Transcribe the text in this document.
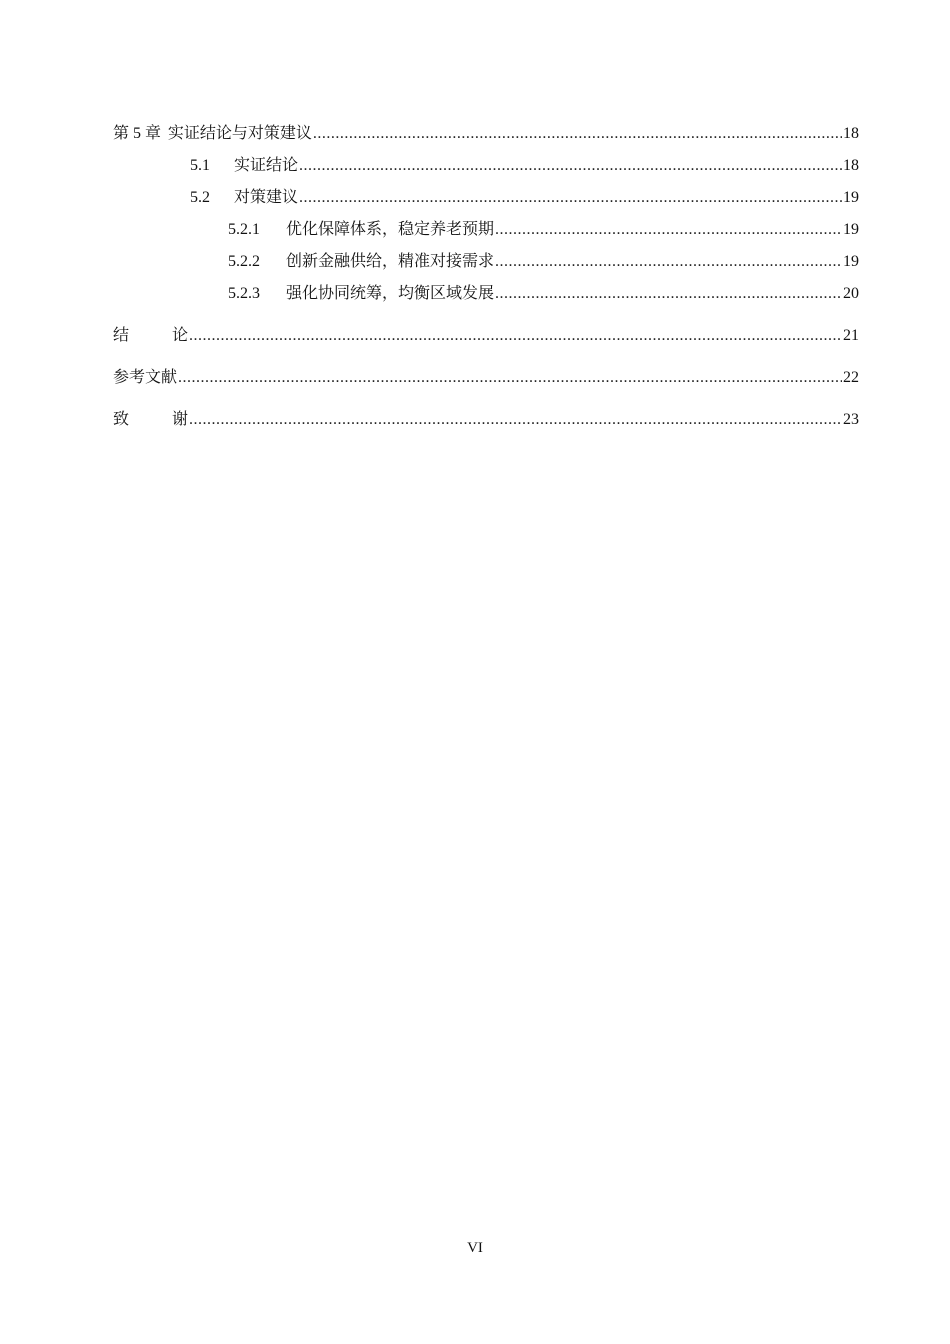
第 5 章 实证结论与对策建议 .....	18
5.1	实证结论 .....	18
5.2	对策建议 .....	19
5.2.1	优化保障体系，稳定养老预期 .....	19
5.2.2	创新金融供给，精准对接需求 .....	19
5.2.3	强化协同统筹，均衡区域发展 .....	20
结 论 .....	21
参考文献 .....	22
致 谢 .....	23
VI
